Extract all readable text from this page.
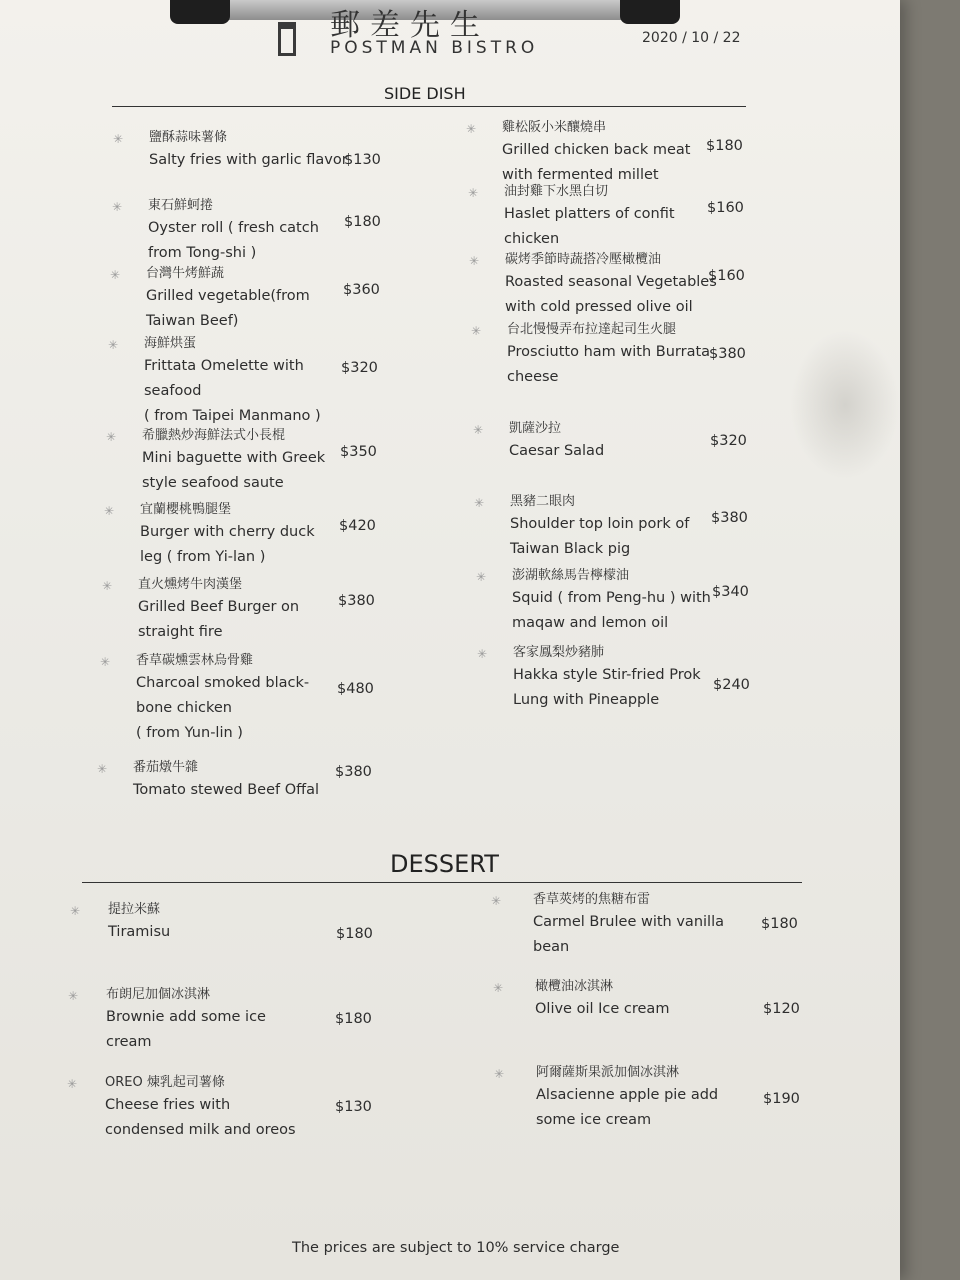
郵差先生
POSTMAN BISTRO	2020 / 10 / 22
SIDE DISH
✳ 鹽酥蒜味薯條
Salty fries with garlic flavor
$130
✳ 東石鮮蚵捲
Oyster roll ( fresh catch
from Tong-shi )
$180
✳ 台灣牛烤鮮蔬
Grilled vegetable(from
Taiwan Beef)
$360
✳ 海鮮烘蛋
Frittata Omelette with
seafood
( from Taipei Manmano )
$320
✳ 希臘熱炒海鮮法式小長棍
Mini baguette with Greek
style seafood saute
$350
✳ 宜蘭櫻桃鴨腿堡
Burger with cherry duck
leg ( from Yi-lan )
$420
✳ 直火燻烤牛肉漢堡
Grilled Beef Burger on
straight fire
$380
✳ 香草碳燻雲林烏骨雞
Charcoal smoked black-
bone chicken
( from Yun-lin )
$480
✳ 番茄燉牛雜
Tomato stewed Beef Offal
$380
✳ 雞松阪小米釀燒串
Grilled chicken back meat
with fermented millet
$180
✳ 油封雞下水黑白切
Haslet platters of confit
chicken
$160
✳ 碳烤季節時蔬搭冷壓橄欖油
Roasted seasonal Vegetables
with cold pressed olive oil
$160
✳ 台北慢慢弄布拉達起司生火腿
Prosciutto ham with Burrata
cheese
$380
✳ 凱薩沙拉
Caesar Salad
$320
✳ 黑豬二眼肉
Shoulder top loin pork of
Taiwan Black pig
$380
✳ 澎湖軟絲馬告檸檬油
Squid ( from Peng-hu ) with
maqaw and lemon oil
$340
✳ 客家鳳梨炒豬肺
Hakka style Stir-fried Prok
Lung with Pineapple
$240
DESSERT
✳ 提拉米蘇
Tiramisu	$180
✳ 布朗尼加個冰淇淋
Brownie add some ice
cream
$180
✳ OREO 煉乳起司薯條
Cheese fries with
condensed milk and oreos
$130
✳ 香草莢烤的焦糖布雷
Carmel Brulee with vanilla
bean
$180
✳ 橄欖油冰淇淋
Olive oil Ice cream	$120
✳ 阿爾薩斯果派加個冰淇淋
Alsacienne apple pie add
some ice cream
$190
The prices are subject to 10% service charge
